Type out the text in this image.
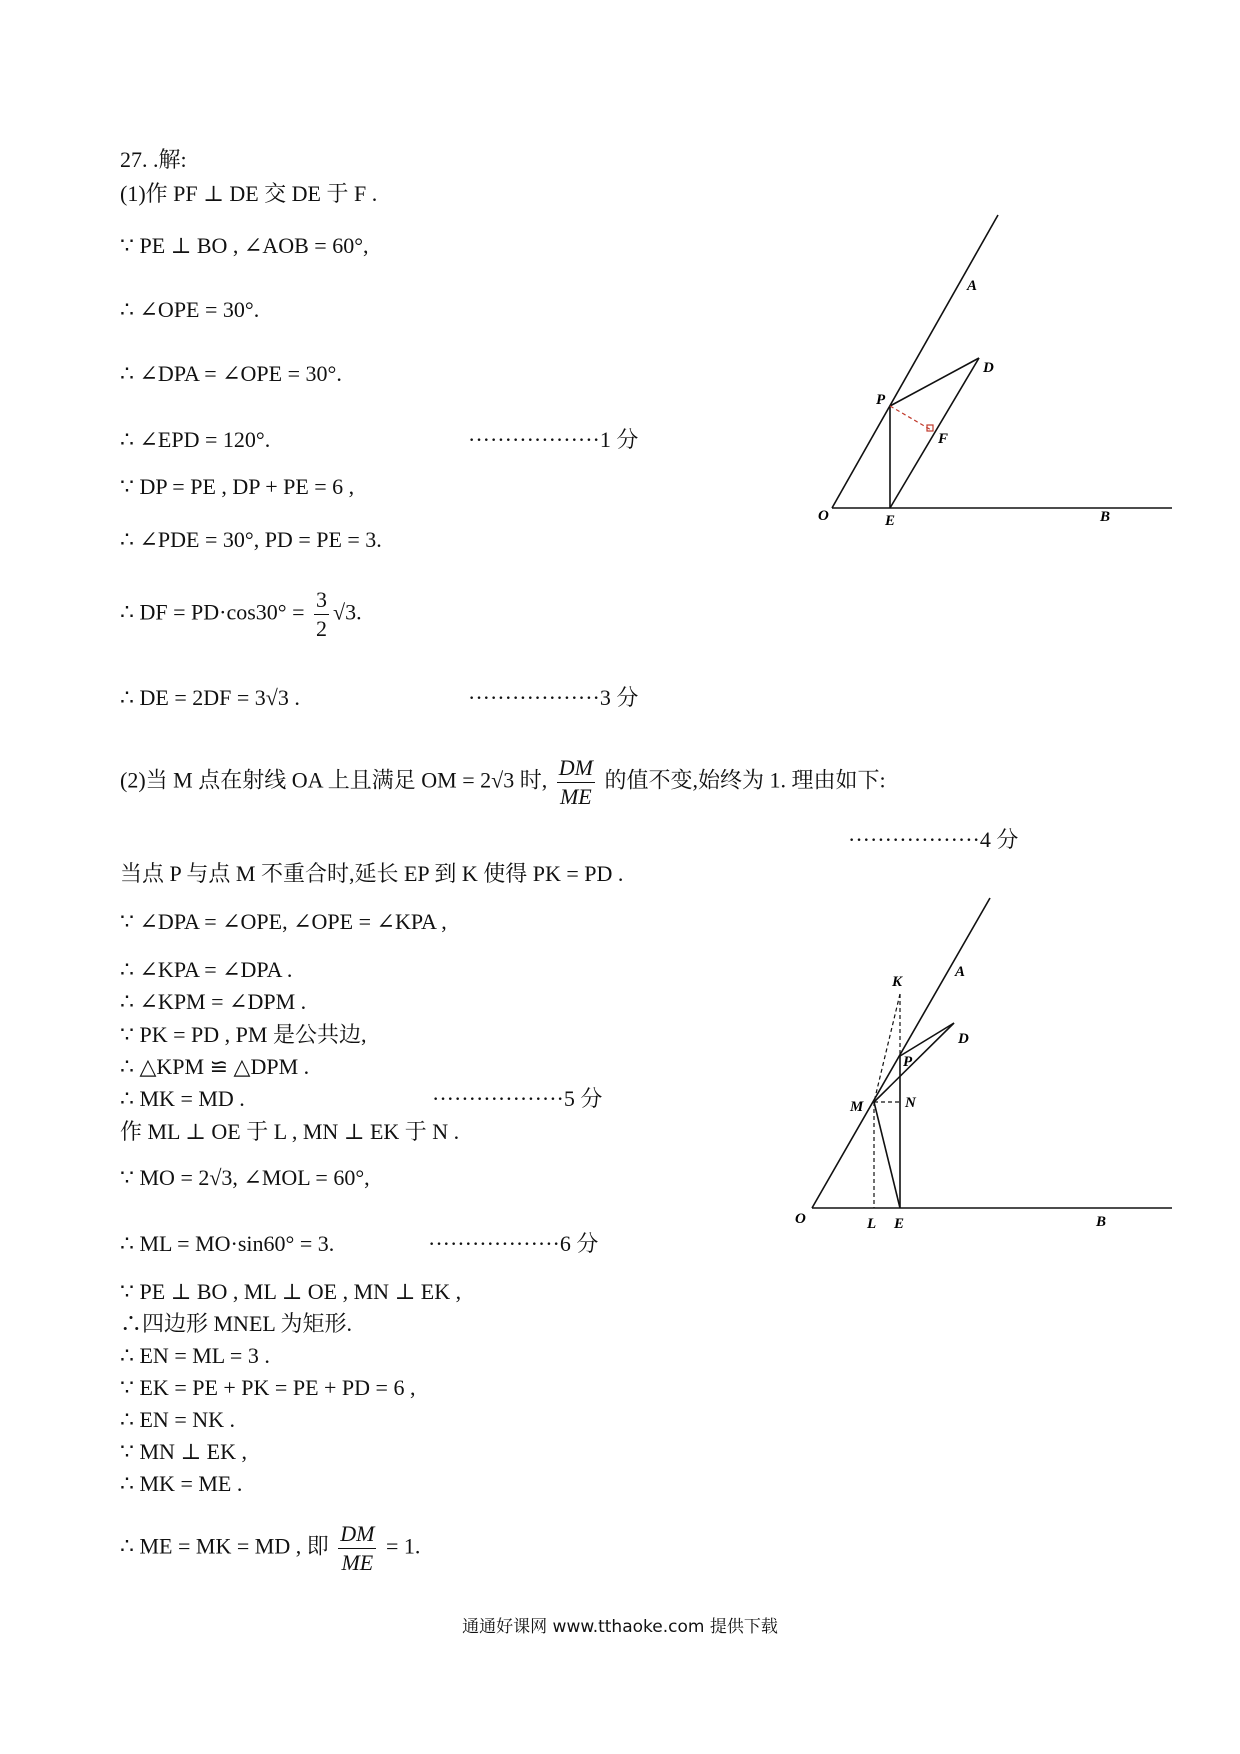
27. .解:
(1)作 PF ⊥ DE 交 DE 于 F .
∵ PE ⊥ BO , ∠AOB = 60°,
∴ ∠OPE = 30°.
∴ ∠DPA = ∠OPE = 30°.
∴ ∠EPD = 120°.	··················1 分
∵ DP = PE , DP + PE = 6 ,
∴ ∠PDE = 30°, PD = PE = 3.
∴ DF = $PD\cdot\cos 30^\circ = \frac{3}{2} √3$.
∴ DE = 2DF = 3√3 .	··················3 分
(2)当 M 点在射线 OA 上且满足 OM = 2√3 时, $\frac{DM}{ME}$ 的值不变,始终为 1. 理由如下:
··················4 分
当点 P 与点 M 不重合时,延长 EP 到 K 使得 PK = PD .
∵ ∠DPA = ∠OPE, ∠OPE = ∠KPA ,
∴ ∠KPA = ∠DPA .
∴ ∠KPM = ∠DPM .
∵ PK = PD , PM 是公共边,
∴ △KPM ≌ △DPM .
∴ MK = MD .	··················5 分
作 ML ⊥ OE 于 L , MN ⊥ EK 于 N .
∵ MO = 2√3, ∠MOL = 60°,
∴ ML = MO·sin60° = 3.	··················6 分
∵ PE ⊥ BO , ML ⊥ OE , MN ⊥ EK ,
∴四边形 MNEL 为矩形.
∴ EN = ML = 3 .
∵ EK = PE + PK = PE + PD = 6 ,
∴ EN = NK .
∵ MN ⊥ EK ,
∴ MK = ME .
∴ ME = MK = MD , 即 $\frac{DM}{ME} = 1$.
A
D
P
F
O	E	B
K
A
D
P
M	N
O	L E	B
通通好课网 www.tthaoke.com 提供下载
